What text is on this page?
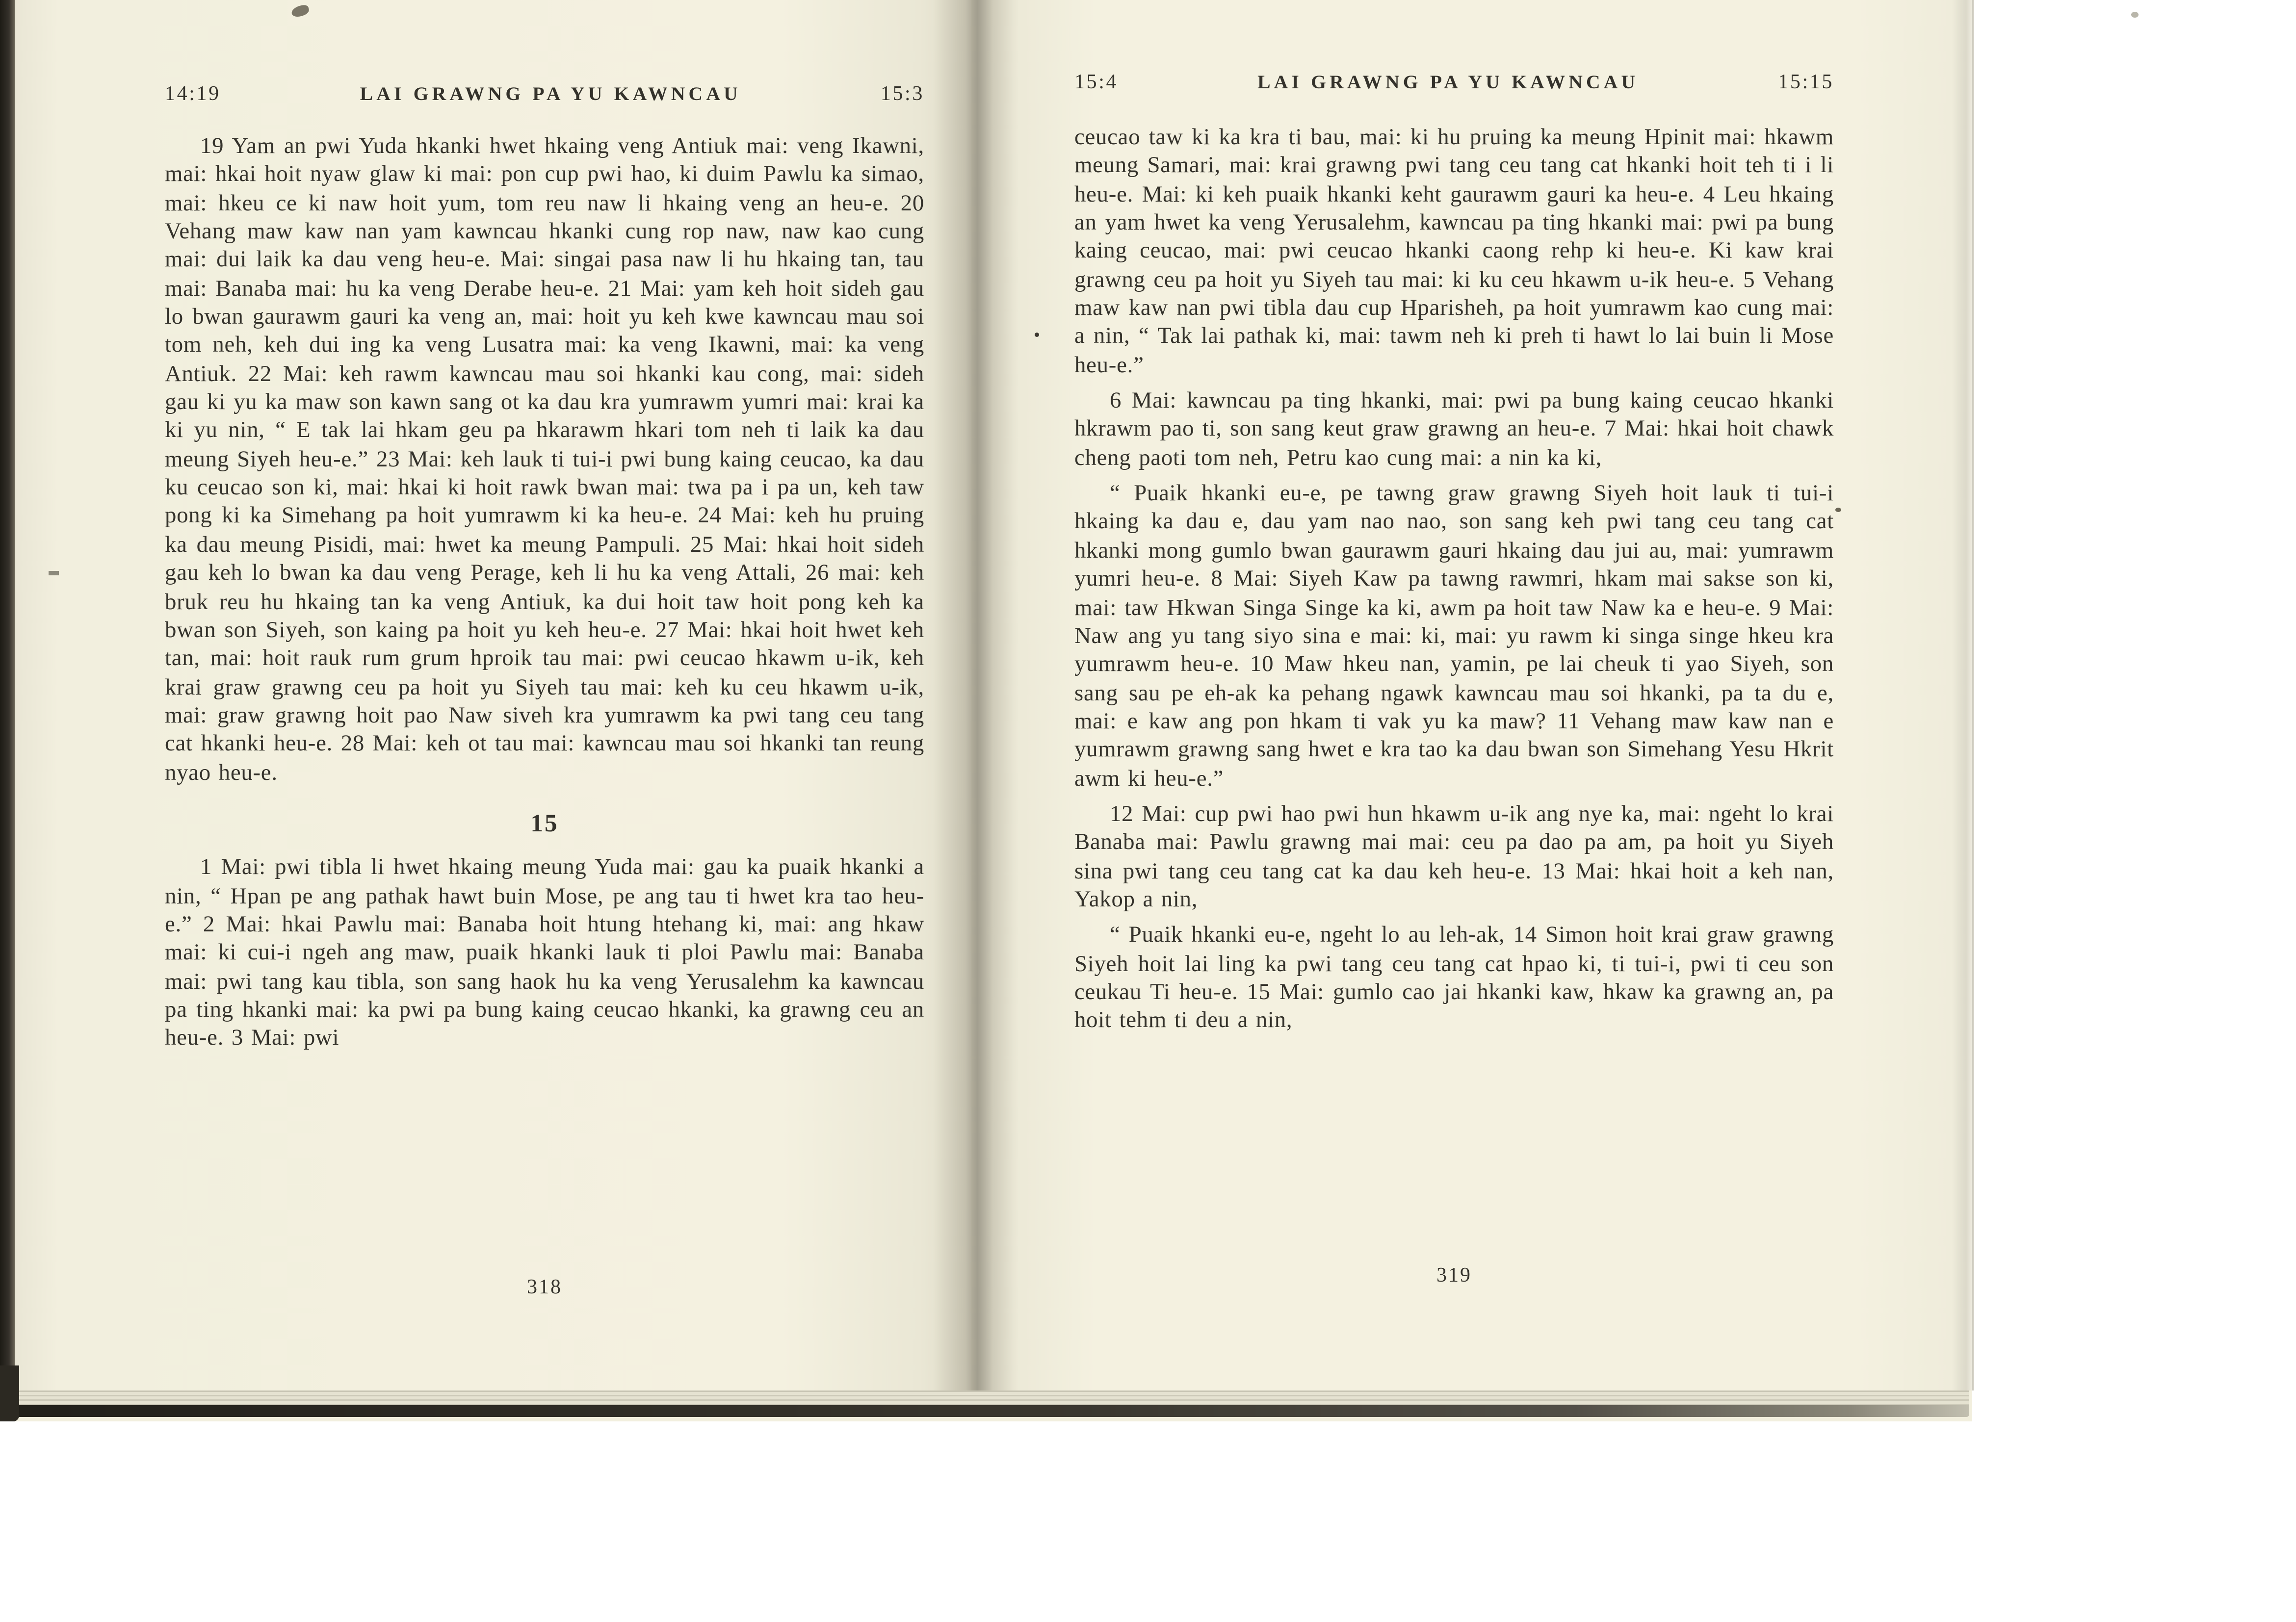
14:19	LAI GRAWNG PA YU KAWNCAU	15:3

19 Yam an pwi Yuda hkanki hwet hkaing veng Antiuk mai: veng Ikawni, mai: hkai hoit nyaw glaw ki mai: pon cup pwi hao, ki duim Pawlu ka simao, mai: hkeu ce ki naw hoit yum, tom reu naw li hkaing veng an heu-e. 20 Vehang maw kaw nan yam kawncau hkanki cung rop naw, naw kao cung mai: dui laik ka dau veng heu-e. Mai: singai pasa naw li hu hkaing tan, tau mai: Banaba mai: hu ka veng Derabe heu-e. 21 Mai: yam keh hoit sideh gau lo bwan gaurawm gauri ka veng an, mai: hoit yu keh kwe kawncau mau soi tom neh, keh dui ing ka veng Lusatra mai: ka veng Ikawni, mai: ka veng Antiuk. 22 Mai: keh rawm kawncau mau soi hkanki kau cong, mai: sideh gau ki yu ka maw son kawn sang ot ka dau kra yumrawm yumri mai: krai ka ki yu nin, “ E tak lai hkam geu pa hkarawm hkari tom neh ti laik ka dau meung Siyeh heu-e.” 23 Mai: keh lauk ti tui-i pwi bung kaing ceucao, ka dau ku ceucao son ki, mai: hkai ki hoit rawk bwan mai: twa pa i pa un, keh taw pong ki ka Simehang pa hoit yumrawm ki ka heu-e. 24 Mai: keh hu pruing ka dau meung Pisidi, mai: hwet ka meung Pampuli. 25 Mai: hkai hoit sideh gau keh lo bwan ka dau veng Perage, keh li hu ka veng Attali, 26 mai: keh bruk reu hu hkaing tan ka veng Antiuk, ka dui hoit taw hoit pong keh ka bwan son Siyeh, son kaing pa hoit yu keh heu-e. 27 Mai: hkai hoit hwet keh tan, mai: hoit rauk rum grum hproik tau mai: pwi ceucao hkawm u-ik, keh krai graw grawng ceu pa hoit yu Siyeh tau mai: keh ku ceu hkawm u-ik, mai: graw grawng hoit pao Naw siveh kra yumrawm ka pwi tang ceu tang cat hkanki heu-e. 28 Mai: keh ot tau mai: kawncau mau soi hkanki tan reung nyao heu-e.

15

1 Mai: pwi tibla li hwet hkaing meung Yuda mai: gau ka puaik hkanki a nin, “ Hpan pe ang pathak hawt buin Mose, pe ang tau ti hwet kra tao heu-e.” 2 Mai: hkai Pawlu mai: Banaba hoit htung htehang ki, mai: ang hkaw mai: ki cui-i ngeh ang maw, puaik hkanki lauk ti ploi Pawlu mai: Banaba mai: pwi tang kau tibla, son sang haok hu ka veng Yerusalehm ka kawncau pa ting hkanki mai: ka pwi pa bung kaing ceucao hkanki, ka grawng ceu an heu-e. 3 Mai: pwi

318
15:4	LAI GRAWNG PA YU KAWNCAU	15:15

ceucao taw ki ka kra ti bau, mai: ki hu pruing ka meung Hpinit mai: hkawm meung Samari, mai: krai grawng pwi tang ceu tang cat hkanki hoit teh ti i li heu-e. Mai: ki keh puaik hkanki keht gaurawm gauri ka heu-e. 4 Leu hkaing an yam hwet ka veng Yerusalehm, kawncau pa ting hkanki mai: pwi pa bung kaing ceucao, mai: pwi ceucao hkanki caong rehp ki heu-e. Ki kaw krai grawng ceu pa hoit yu Siyeh tau mai: ki ku ceu hkawm u-ik heu-e. 5 Vehang maw kaw nan pwi tibla dau cup Hparisheh, pa hoit yumrawm kao cung mai: a nin, “ Tak lai pathak ki, mai: tawm neh ki preh ti hawt lo lai buin li Mose heu-e.”

6 Mai: kawncau pa ting hkanki, mai: pwi pa bung kaing ceucao hkanki hkrawm pao ti, son sang keut graw grawng an heu-e. 7 Mai: hkai hoit chawk cheng paoti tom neh, Petru kao cung mai: a nin ka ki,

“ Puaik hkanki eu-e, pe tawng graw grawng Siyeh hoit lauk ti tui-i hkaing ka dau e, dau yam nao nao, son sang keh pwi tang ceu tang cat hkanki mong gumlo bwan gaurawm gauri hkaing dau jui au, mai: yumrawm yumri heu-e. 8 Mai: Siyeh Kaw pa tawng rawmri, hkam mai sakse son ki, mai: taw Hkwan Singa Singe ka ki, awm pa hoit taw Naw ka e heu-e. 9 Mai: Naw ang yu tang siyo sina e mai: ki, mai: yu rawm ki singa singe hkeu kra yumrawm heu-e. 10 Maw hkeu nan, yamin, pe lai cheuk ti yao Siyeh, son sang sau pe eh-ak ka pehang ngawk kawncau mau soi hkanki, pa ta du e, mai: e kaw ang pon hkam ti vak yu ka maw? 11 Vehang maw kaw nan e yumrawm grawng sang hwet e kra tao ka dau bwan son Simehang Yesu Hkrit awm ki heu-e.”

12 Mai: cup pwi hao pwi hun hkawm u-ik ang nye ka, mai: ngeht lo krai Banaba mai: Pawlu grawng mai mai: ceu pa dao pa am, pa hoit yu Siyeh sina pwi tang ceu tang cat ka dau keh heu-e. 13 Mai: hkai hoit a keh nan, Yakop a nin,

“ Puaik hkanki eu-e, ngeht lo au leh-ak, 14 Simon hoit krai graw grawng Siyeh hoit lai ling ka pwi tang ceu tang cat hpao ki, ti tui-i, pwi ti ceu son ceukau Ti heu-e. 15 Mai: gumlo cao jai hkanki kaw, hkaw ka grawng an, pa hoit tehm ti deu a nin,

319
